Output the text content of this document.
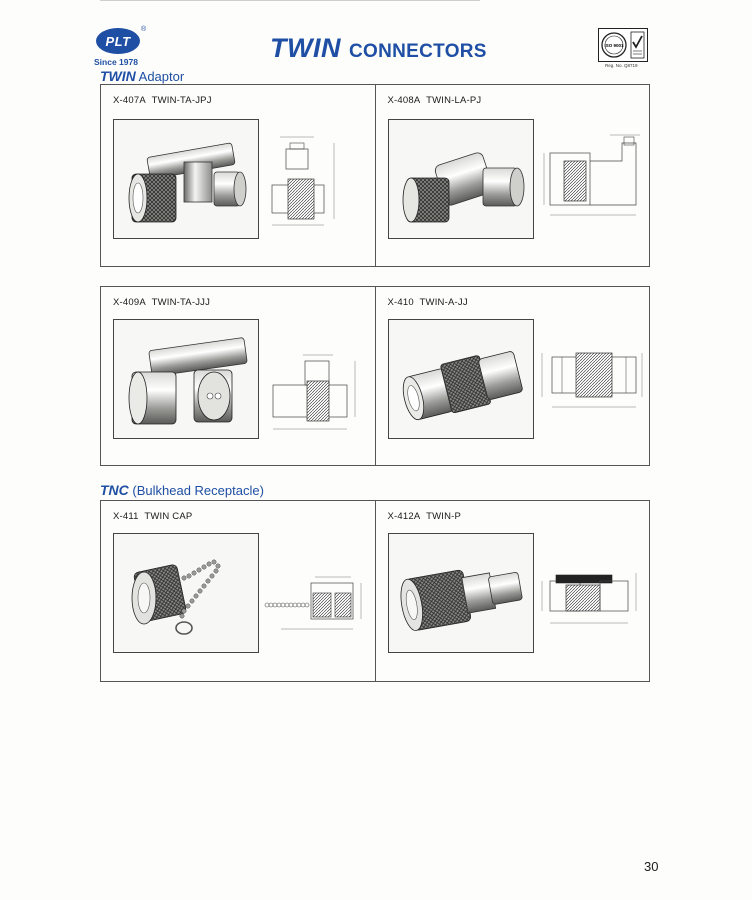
PLT
®
Since 1978	TWIN CONNECTORS	ISO 9001
Reg. No. Q8719
TWIN Adaptor
X-407A TWIN-TA-JPJ	X-408A TWIN-LA-PJ
X-409A TWIN-TA-JJJ	X-410 TWIN-A-JJ
TNC (Bulkhead Receptacle)
X-411 TWIN CAP	X-412A TWIN-P
30
